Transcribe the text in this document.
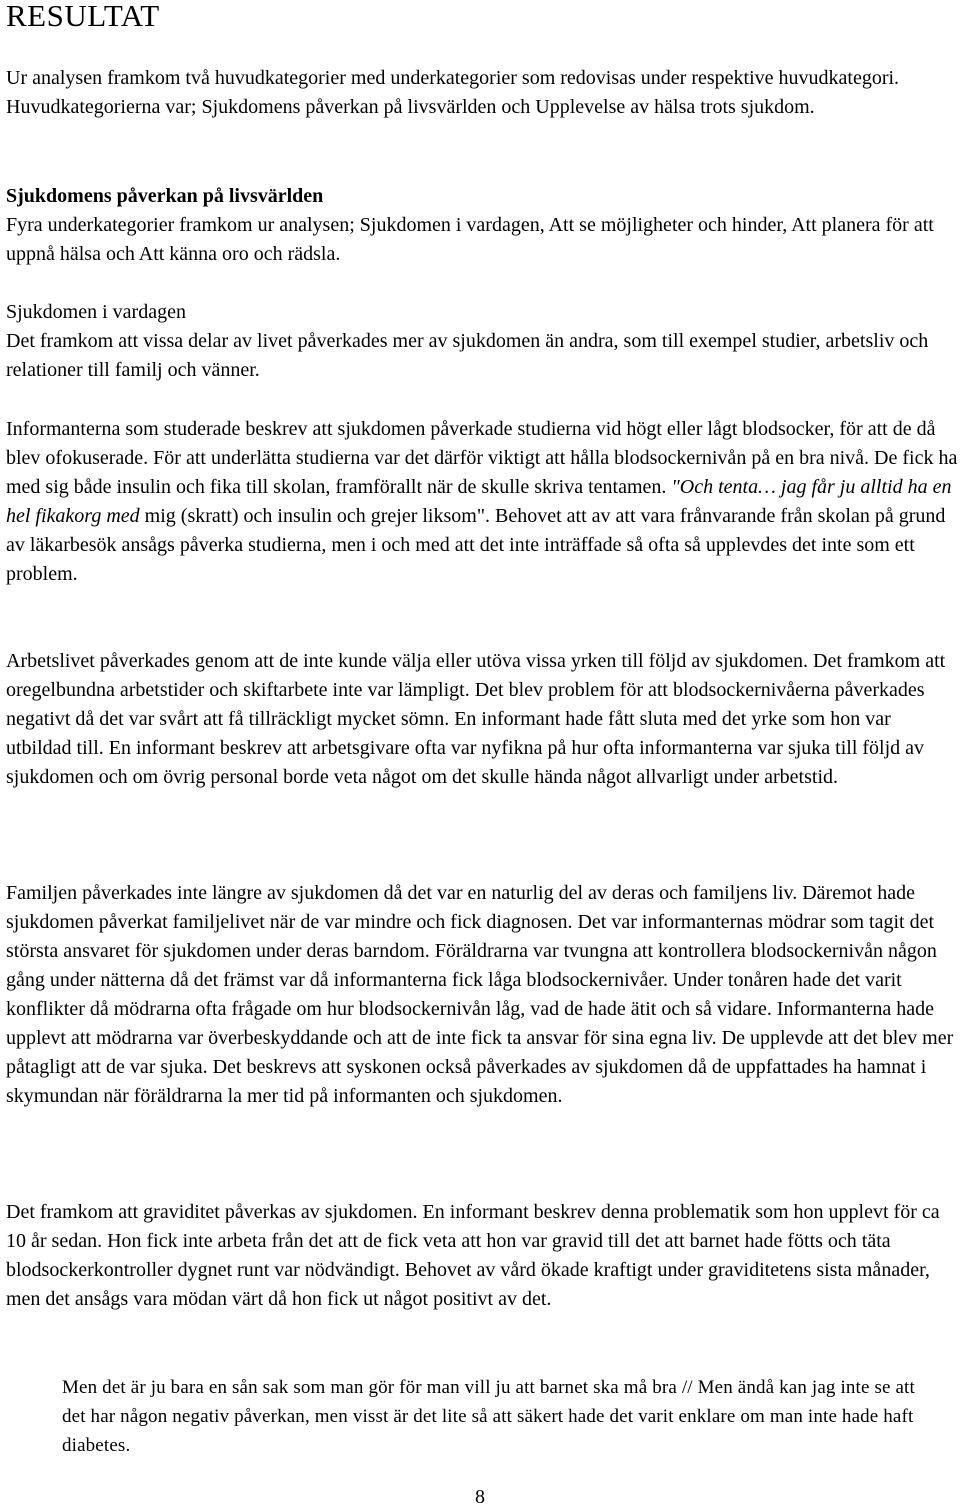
RESULTAT

Ur analysen framkom två huvudkategorier med underkategorier som redovisas under respektive huvudkategori. Huvudkategorierna var; Sjukdomens påverkan på livsvärlden och Upplevelse av hälsa trots sjukdom.

Sjukdomens påverkan på livsvärlden
Fyra underkategorier framkom ur analysen; Sjukdomen i vardagen, Att se möjligheter och hinder, Att planera för att uppnå hälsa och Att känna oro och rädsla.
Sjukdomen i vardagen
Det framkom att vissa delar av livet påverkades mer av sjukdomen än andra, som till exempel studier, arbetsliv och relationer till familj och vänner.

Informanterna som studerade beskrev att sjukdomen påverkade studierna vid högt eller lågt blodsocker, för att de då blev ofokuserade. För att underlätta studierna var det därför viktigt att hålla blodsockernivån på en bra nivå. De fick ha med sig både insulin och fika till skolan, framförallt när de skulle skriva tentamen. "Och tenta… jag får ju alltid ha en hel fikakorg med mig (skratt) och insulin och grejer liksom". Behovet att av att vara frånvarande från skolan på grund av läkarbesök ansågs påverka studierna, men i och med att det inte inträffade så ofta så upplevdes det inte som ett problem.

Arbetslivet påverkades genom att de inte kunde välja eller utöva vissa yrken till följd av sjukdomen. Det framkom att oregelbundna arbetstider och skiftarbete inte var lämpligt. Det blev problem för att blodsockernivåerna påverkades negativt då det var svårt att få tillräckligt mycket sömn. En informant hade fått sluta med det yrke som hon var utbildad till. En informant beskrev att arbetsgivare ofta var nyfikna på hur ofta informanterna var sjuka till följd av sjukdomen och om övrig personal borde veta något om det skulle hända något allvarligt under arbetstid.

Familjen påverkades inte längre av sjukdomen då det var en naturlig del av deras och familjens liv. Däremot hade sjukdomen påverkat familjelivet när de var mindre och fick diagnosen. Det var informanternas mödrar som tagit det största ansvaret för sjukdomen under deras barndom. Föräldrarna var tvungna att kontrollera blodsockernivån någon gång under nätterna då det främst var då informanterna fick låga blodsockernivåer. Under tonåren hade det varit konflikter då mödrarna ofta frågade om hur blodsockernivån låg, vad de hade ätit och så vidare. Informanterna hade upplevt att mödrarna var överbeskyddande och att de inte fick ta ansvar för sina egna liv. De upplevde att det blev mer påtagligt att de var sjuka. Det beskrevs att syskonen också påverkades av sjukdomen då de uppfattades ha hamnat i skymundan när föräldrarna la mer tid på informanten och sjukdomen.

Det framkom att graviditet påverkas av sjukdomen. En informant beskrev denna problematik som hon upplevt för ca 10 år sedan. Hon fick inte arbeta från det att de fick veta att hon var gravid till det att barnet hade fötts och täta blodsockerkontroller dygnet runt var nödvändigt. Behovet av vård ökade kraftigt under graviditetens sista månader, men det ansågs vara mödan värt då hon fick ut något positivt av det.

Men det är ju bara en sån sak som man gör för man vill ju att barnet ska må bra // Men ändå kan jag inte se att det har någon negativ påverkan, men visst är det lite så att säkert hade det varit enklare om man inte hade haft diabetes.

8
